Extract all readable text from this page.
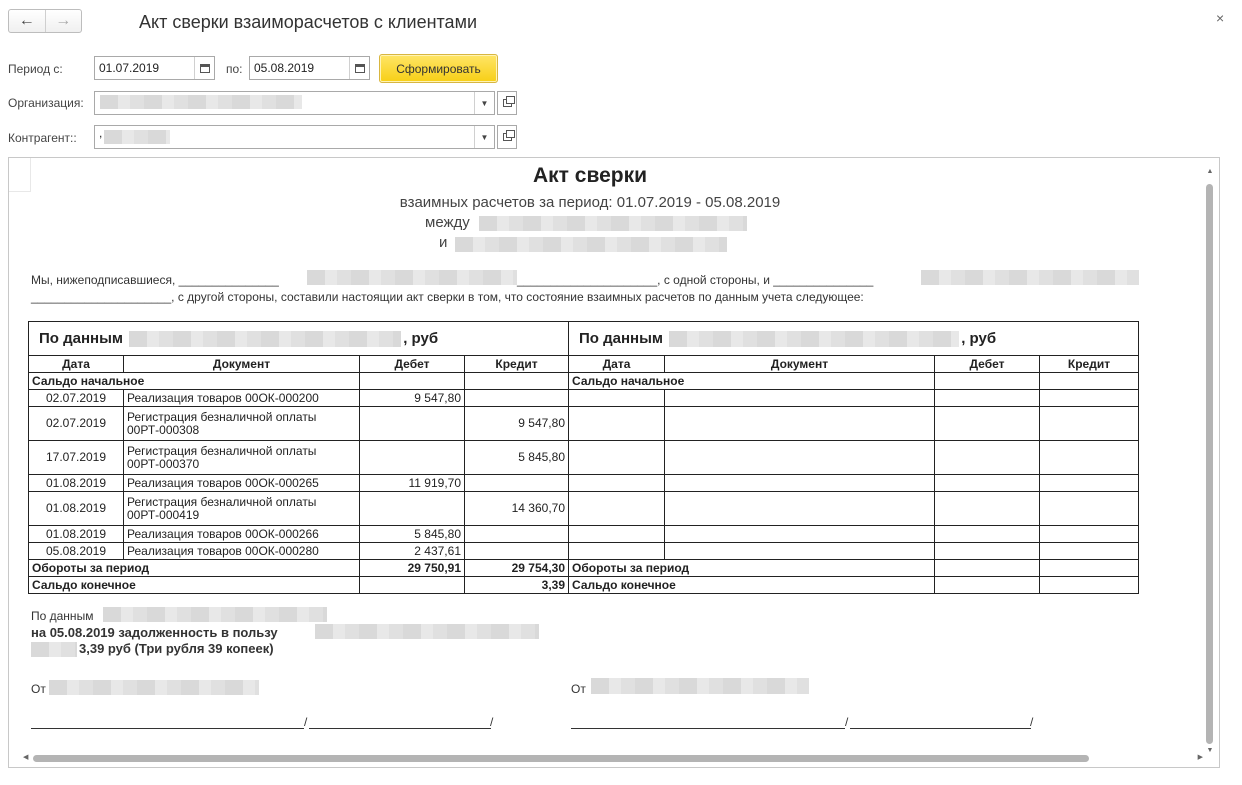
←	→	Акт сверки взаиморасчетов с клиентами	×
Период с:	01.07.2019	по: 05.08.2019	Сформировать
Организация:	▼
Контрагент::	,	▼
Акт сверки
взаимных расчетов за период: 01.07.2019 - 05.08.2019
между
и
Мы, нижеподписавшиеся, _______________	_____________________, с одной стороны, и _______________
_____________________, с другой стороны, составили настоящии акт сверки в том, что состояние взаимных расчетов по данным учета следующее:
По данным , руб				По данным , руб			
Дата	Документ	Дебет	Кредит	Дата	Документ	Дебет	Кредит
Сальдо начальное				Сальдо начальное			
02.07.2019	Реализация товаров 00ОК-000200	9 547,80					
02.07.2019	Регистрация безналичной оплаты 00РТ-000308		9 547,80				
17.07.2019	Регистрация безналичной оплаты 00РТ-000370		5 845,80				
01.08.2019	Реализация товаров 00ОК-000265	11 919,70					
01.08.2019	Регистрация безналичной оплаты 00РТ-000419		14 360,70				
01.08.2019	Реализация товаров 00ОК-000266	5 845,80					
05.08.2019	Реализация товаров 00ОК-000280	2 437,61					
Обороты за период		29 750,91	29 754,30	Обороты за период			
Сальдо конечное			3,39	Сальдо конечное			
По данным
на 05.08.2019 задолженность в пользу
3,39 руб (Три рубля 39 копеек)
От	От
/	/	/	/
▲
▼
◀	▶
